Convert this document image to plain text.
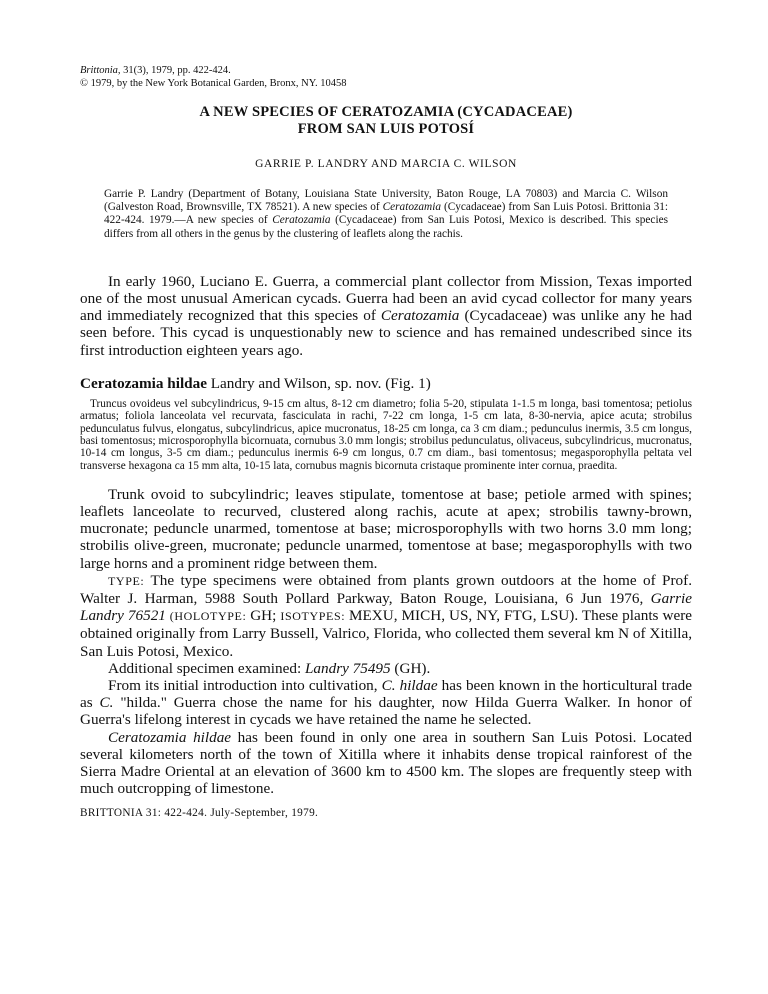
Brittonia, 31(3), 1979, pp. 422-424.
© 1979, by the New York Botanical Garden, Bronx, NY. 10458
A NEW SPECIES OF CERATOZAMIA (CYCADACEAE)
FROM SAN LUIS POTOSÍ
GARRIE P. LANDRY AND MARCIA C. WILSON

Garrie P. Landry (Department of Botany, Louisiana State University, Baton Rouge, LA 70803) and Marcia C. Wilson (Galveston Road, Brownsville, TX 78521). A new species of Ceratozamia (Cycadaceae) from San Luis Potosi. Brittonia 31: 422-424. 1979.—A new species of Ceratozamia (Cycadaceae) from San Luis Potosi, Mexico is described. This species differs from all others in the genus by the clustering of leaflets along the rachis.

In early 1960, Luciano E. Guerra, a commercial plant collector from Mission, Texas imported one of the most unusual American cycads. Guerra had been an avid cycad collector for many years and immediately recognized that this species of Ceratozamia (Cycadaceae) was unlike any he had seen before. This cycad is unquestionably new to science and has remained undescribed since its first introduction eighteen years ago.

Ceratozamia hildae Landry and Wilson, sp. nov. (Fig. 1)

Truncus ovoideus vel subcylindricus, 9-15 cm altus, 8-12 cm diametro; folia 5-20, stipulata 1-1.5 m longa, basi tomentosa; petiolus armatus; foliola lanceolata vel recurvata, fasciculata in rachi, 7-22 cm longa, 1-5 cm lata, 8-30-nervia, apice acuta; strobilus pedunculatus fulvus, elongatus, subcylindricus, apice mucronatus, 18-25 cm longa, ca 3 cm diam.; pedunculus inermis, 3.5 cm longus, basi tomentosus; microsporophylla bicornuata, cornubus 3.0 mm longis; strobilus pedunculatus, olivaceus, subcylindricus, mucronatus, 10-14 cm longus, 3-5 cm diam.; pedunculus inermis 6-9 cm longus, 0.7 cm diam., basi tomentosus; megasporophylla peltata vel transverse hexagona ca 15 mm alta, 10-15 lata, cornubus magnis bicornuta cristaque prominente inter cornua, praedita.

Trunk ovoid to subcylindric; leaves stipulate, tomentose at base; petiole armed with spines; leaflets lanceolate to recurved, clustered along rachis, acute at apex; strobilis tawny-brown, mucronate; peduncle unarmed, tomentose at base; microsporophylls with two horns 3.0 mm long; strobilis olive-green, mucronate; peduncle unarmed, tomentose at base; megasporophylls with two large horns and a prominent ridge between them.

TYPE: The type specimens were obtained from plants grown outdoors at the home of Prof. Walter J. Harman, 5988 South Pollard Parkway, Baton Rouge, Louisiana, 6 Jun 1976, Garrie Landry 76521 (HOLOTYPE: GH; ISOTYPES: MEXU, MICH, US, NY, FTG, LSU). These plants were obtained originally from Larry Bussell, Valrico, Florida, who collected them several km N of Xitilla, San Luis Potosi, Mexico.

Additional specimen examined: Landry 75495 (GH).

From its initial introduction into cultivation, C. hildae has been known in the horticultural trade as C. "hilda." Guerra chose the name for his daughter, now Hilda Guerra Walker. In honor of Guerra's lifelong interest in cycads we have retained the name he selected.

Ceratozamia hildae has been found in only one area in southern San Luis Potosi. Located several kilometers north of the town of Xitilla where it inhabits dense tropical rainforest of the Sierra Madre Oriental at an elevation of 3600 km to 4500 km. The slopes are frequently steep with much outcropping of limestone.

BRITTONIA 31: 422-424. July-September, 1979.
